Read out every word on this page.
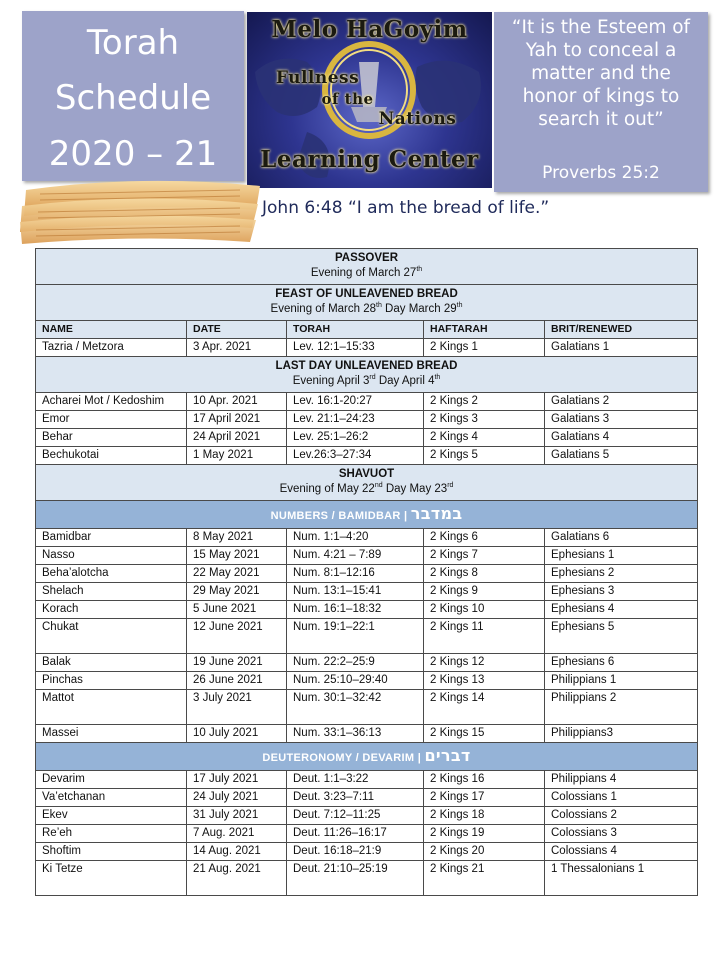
Torah
Schedule
2020 – 21
Melo HaGoyim
Fullness
of the
Nations
Learning Center
“It is the Esteem of Yah to conceal a matter and the honor of kings to search it out”
Proverbs 25:2
John 6:48 “I am the bread of life.”
PASSOVER
Evening of March 27th

FEAST OF UNLEAVENED BREAD
Evening of March 28th Day March 29th

NAME	DATE	TORAH	HAFTARAH	BRIT/RENEWED
Tazria / Metzora	3 Apr. 2021	Lev. 12:1–15:33	2 Kings 1	Galatians 1

LAST DAY UNLEAVENED BREAD
Evening April 3rd Day April 4th

Acharei Mot / Kedoshim	10 Apr. 2021	Lev. 16:1-20:27	2 Kings 2	Galatians 2
Emor	17 April 2021	Lev. 21:1–24:23	2 Kings 3	Galatians 3
Behar	24 April 2021	Lev. 25:1–26:2	2 Kings 4	Galatians 4
Bechukotai	1 May 2021	Lev.26:3–27:34	2 Kings 5	Galatians 5

SHAVUOT
Evening of May 22nd Day May 23rd

NUMBERS / BAMIDBAR | במדבר				
Bamidbar	8 May 2021	Num. 1:1–4:20	2 Kings 6	Galatians 6
Nasso	15 May 2021	Num. 4:21 – 7:89	2 Kings 7	Ephesians 1
Beha’alotcha	22 May 2021	Num. 8:1–12:16	2 Kings 8	Ephesians 2
Shelach	29 May 2021	Num. 13:1–15:41	2 Kings 9	Ephesians 3
Korach	5 June 2021	Num. 16:1–18:32	2 Kings 10	Ephesians 4
Chukat	12 June 2021	Num. 19:1–22:1	2 Kings 11	Ephesians 5
Balak	19 June 2021	Num. 22:2–25:9	2 Kings 12	Ephesians 6
Pinchas	26 June 2021	Num. 25:10–29:40	2 Kings 13	Philippians 1
Mattot	3 July 2021	Num. 30:1–32:42	2 Kings 14	Philippians 2
Massei	10 July 2021	Num. 33:1–36:13	2 Kings 15	Philippians3
DEUTERONOMY / DEVARIM | דברים				
Devarim	17 July 2021	Deut. 1:1–3:22	2 Kings 16	Philippians 4
Va’etchanan	24 July 2021	Deut. 3:23–7:11	2 Kings 17	Colossians 1
Ekev	31 July 2021	Deut. 7:12–11:25	2 Kings 18	Colossians 2
Re’eh	7 Aug. 2021	Deut. 11:26–16:17	2 Kings 19	Colossians 3
Shoftim	14 Aug. 2021	Deut. 16:18–21:9	2 Kings 20	Colossians 4
Ki Tetze	21 Aug. 2021	Deut. 21:10–25:19	2 Kings 21	1 Thessalonians 1
